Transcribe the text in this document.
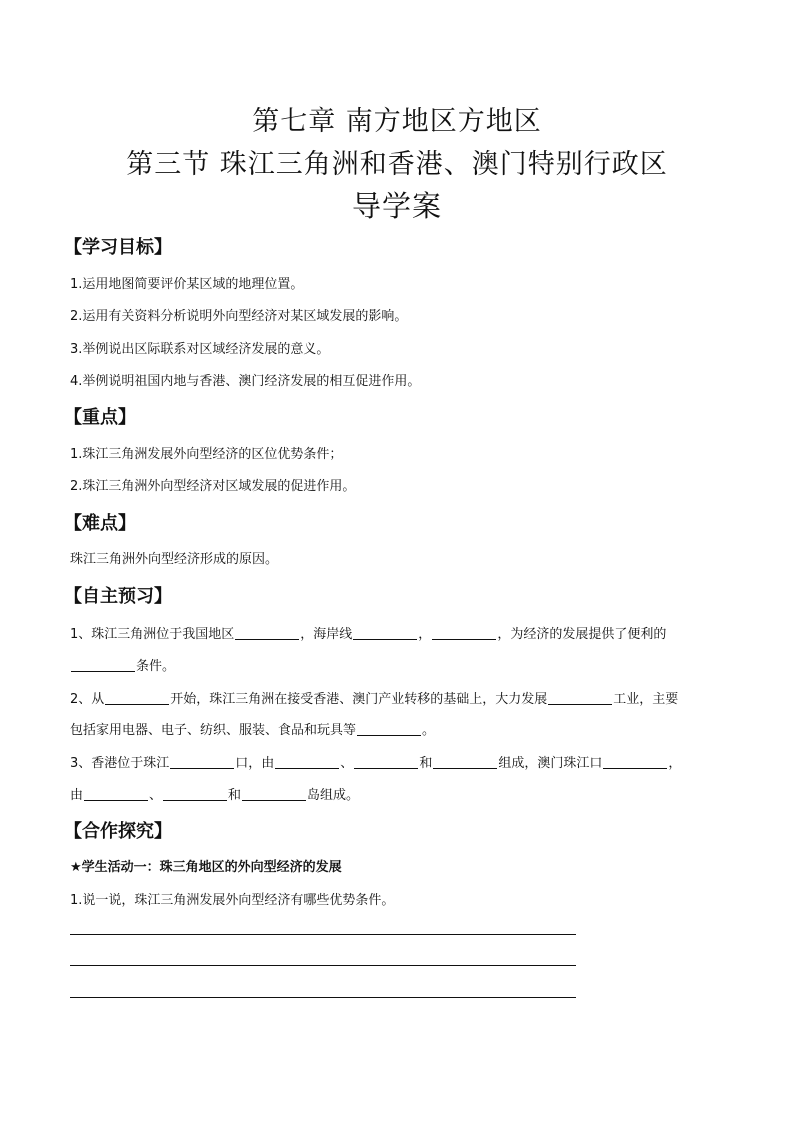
第七章 南方地区方地区
第三节 珠江三角洲和香港、澳门特别行政区
导学案
【学习目标】
1.运用地图简要评价某区域的地理位置。
2.运用有关资料分析说明外向型经济对某区域发展的影响。
3.举例说出区际联系对区域经济发展的意义。
4.举例说明祖国内地与香港、澳门经济发展的相互促进作用。
【重点】
1.珠江三角洲发展外向型经济的区位优势条件；
2.珠江三角洲外向型经济对区域发展的促进作用。
【难点】
珠江三角洲外向型经济形成的原因。
【自主预习】
1、珠江三角洲位于我国地区	，海岸线	，	，为经济的发展提供了便利的
条件。
2、从	开始，珠江三角洲在接受香港、澳门产业转移的基础上，大力发展	工业，主要
包括家用电器、电子、纺织、服装、食品和玩具等	。
3、香港位于珠江	口，由	、	和	组成，澳门珠江口	，
由	、	和	岛组成。
【合作探究】
★学生活动一：珠三角地区的外向型经济的发展
1.说一说，珠江三角洲发展外向型经济有哪些优势条件。
